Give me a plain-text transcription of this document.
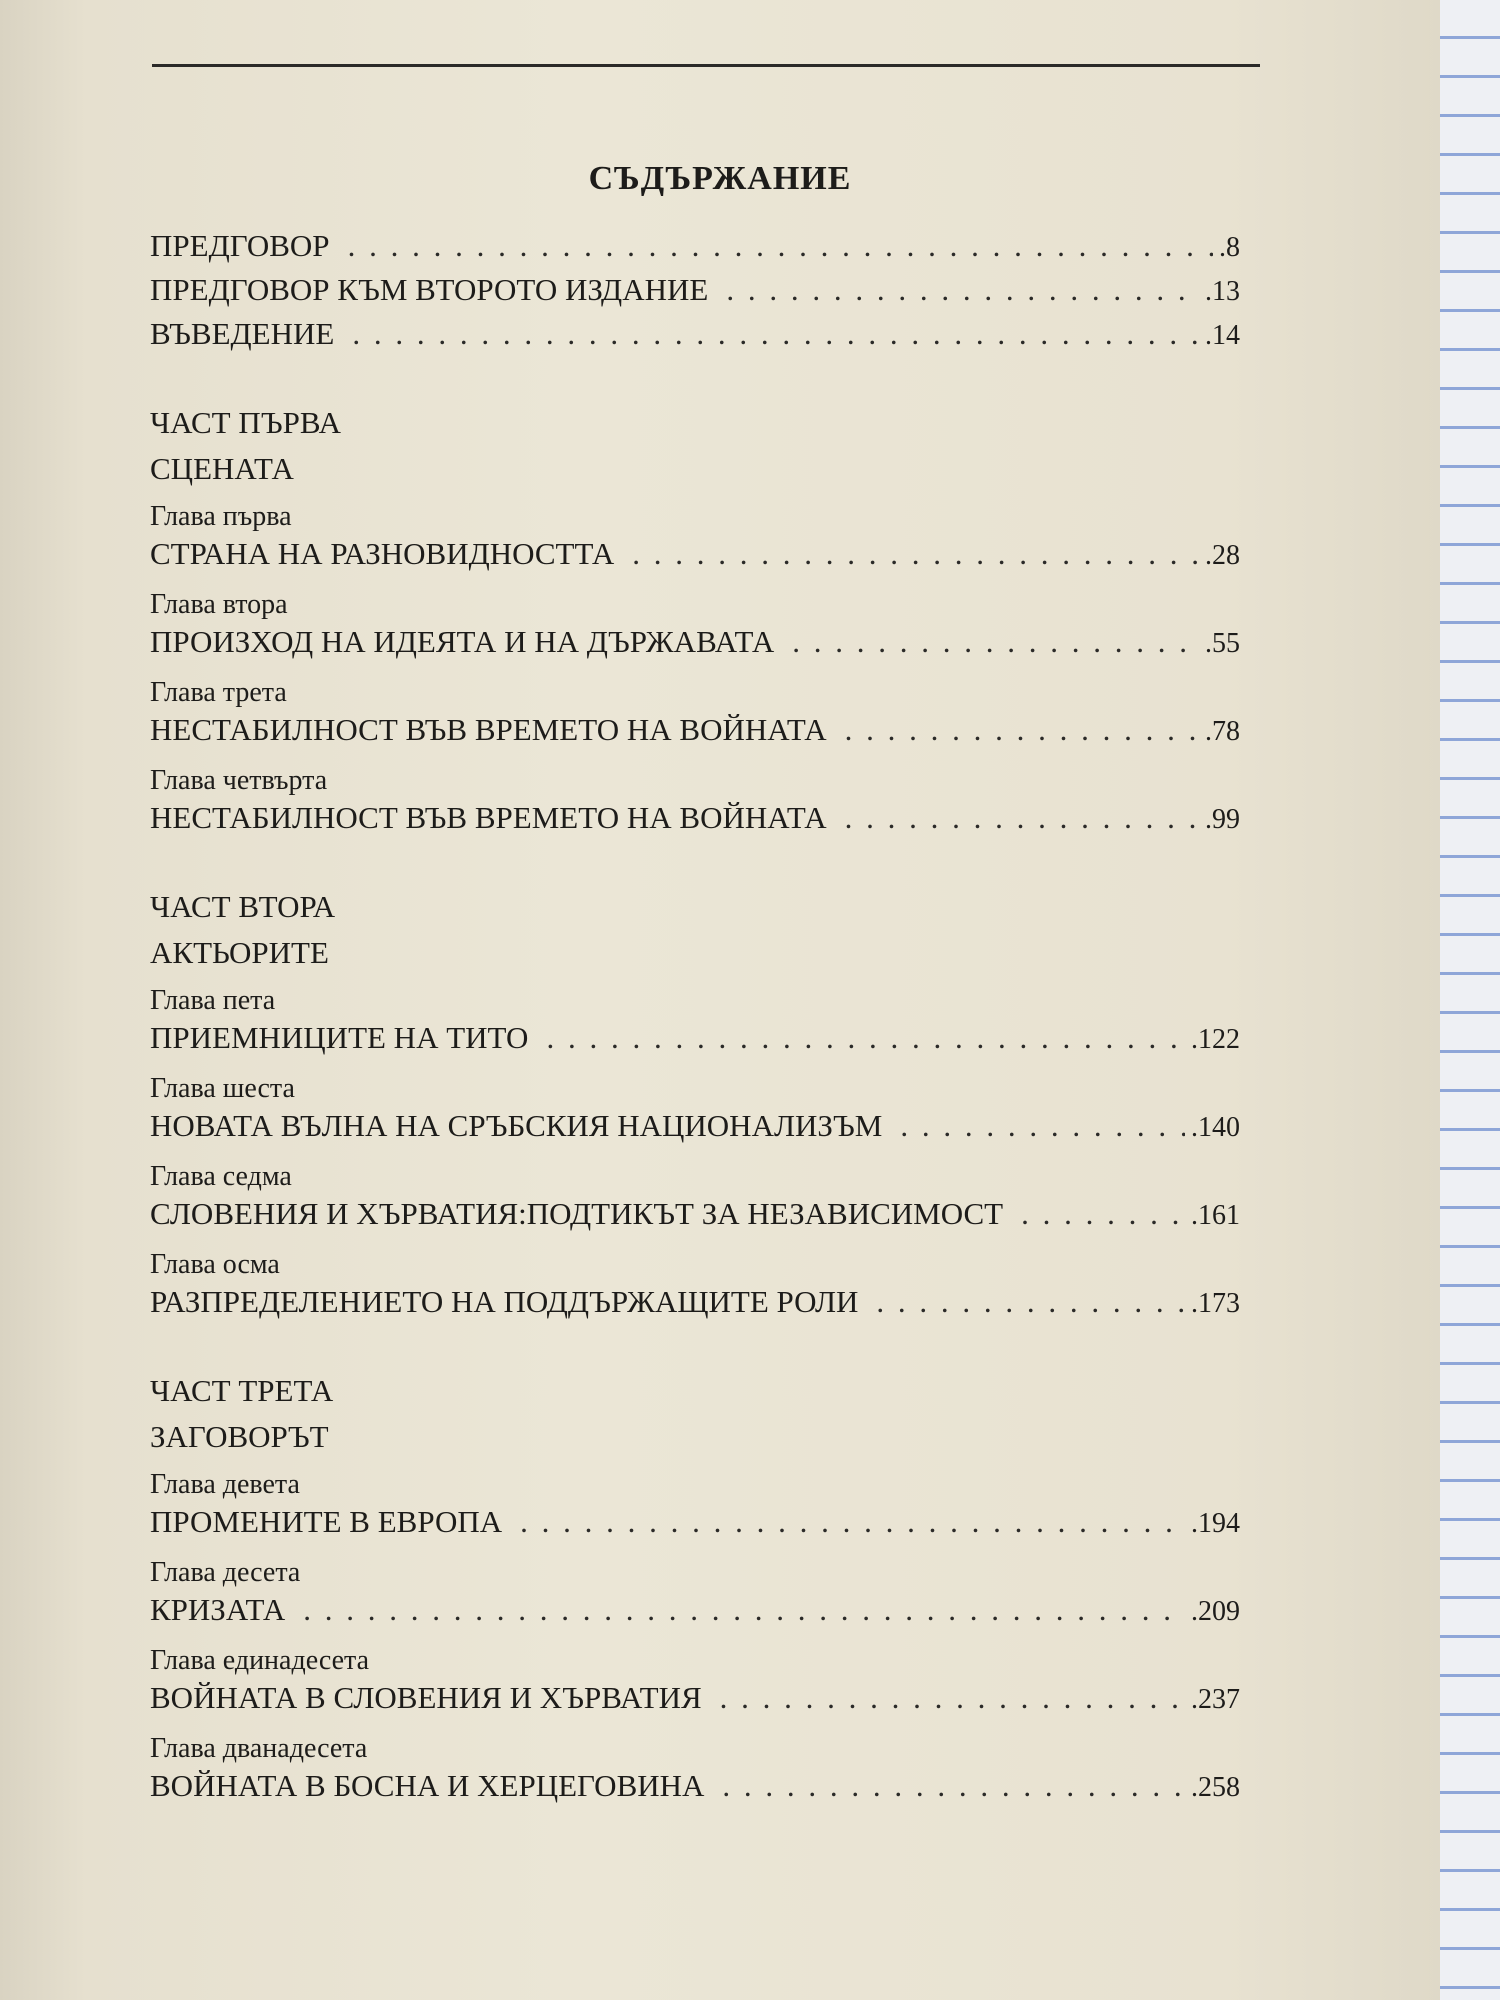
СЪДЪРЖАНИЕ
ПРЕДГОВОР . . .	.8
ПРЕДГОВОР КЪМ ВТОРОТО ИЗДАНИЕ . . .	.13
ВЪВЕДЕНИЕ . . .	.14
ЧАСТ ПЪРВА
СЦЕНАТА
Глава първа
СТРАНА НА РАЗНОВИДНОСТТА . . .	.28
Глава втора
ПРОИЗХОД НА ИДЕЯТА И НА ДЪРЖАВАТА . . .	.55
Глава трета
НЕСТАБИЛНОСТ ВЪВ ВРЕМЕТО НА ВОЙНАТА . . .	.78
Глава четвърта
НЕСТАБИЛНОСТ ВЪВ ВРЕМЕТО НА ВОЙНАТА . . .	.99
ЧАСТ ВТОРА
АКТЬОРИТЕ
Глава пета
ПРИЕМНИЦИТЕ НА ТИТО . . .	.122
Глава шеста
НОВАТА ВЪЛНА НА СРЪБСКИЯ НАЦИОНАЛИЗЪМ . . .	.140
Глава седма
СЛОВЕНИЯ И ХЪРВАТИЯ:ПОДТИКЪТ ЗА НЕЗАВИСИМОСТ . . .	.161
Глава осма
РАЗПРЕДЕЛЕНИЕТО НА ПОДДЪРЖАЩИТЕ РОЛИ . . .	.173
ЧАСТ ТРЕТА
ЗАГОВОРЪТ
Глава девета
ПРОМЕНИТЕ В ЕВРОПА . . .	.194
Глава десета
КРИЗАТА . . .	.209
Глава единадесета
ВОЙНАТА В СЛОВЕНИЯ И ХЪРВАТИЯ . . .	.237
Глава дванадесета
ВОЙНАТА В БОСНА И ХЕРЦЕГОВИНА . . .	.258
